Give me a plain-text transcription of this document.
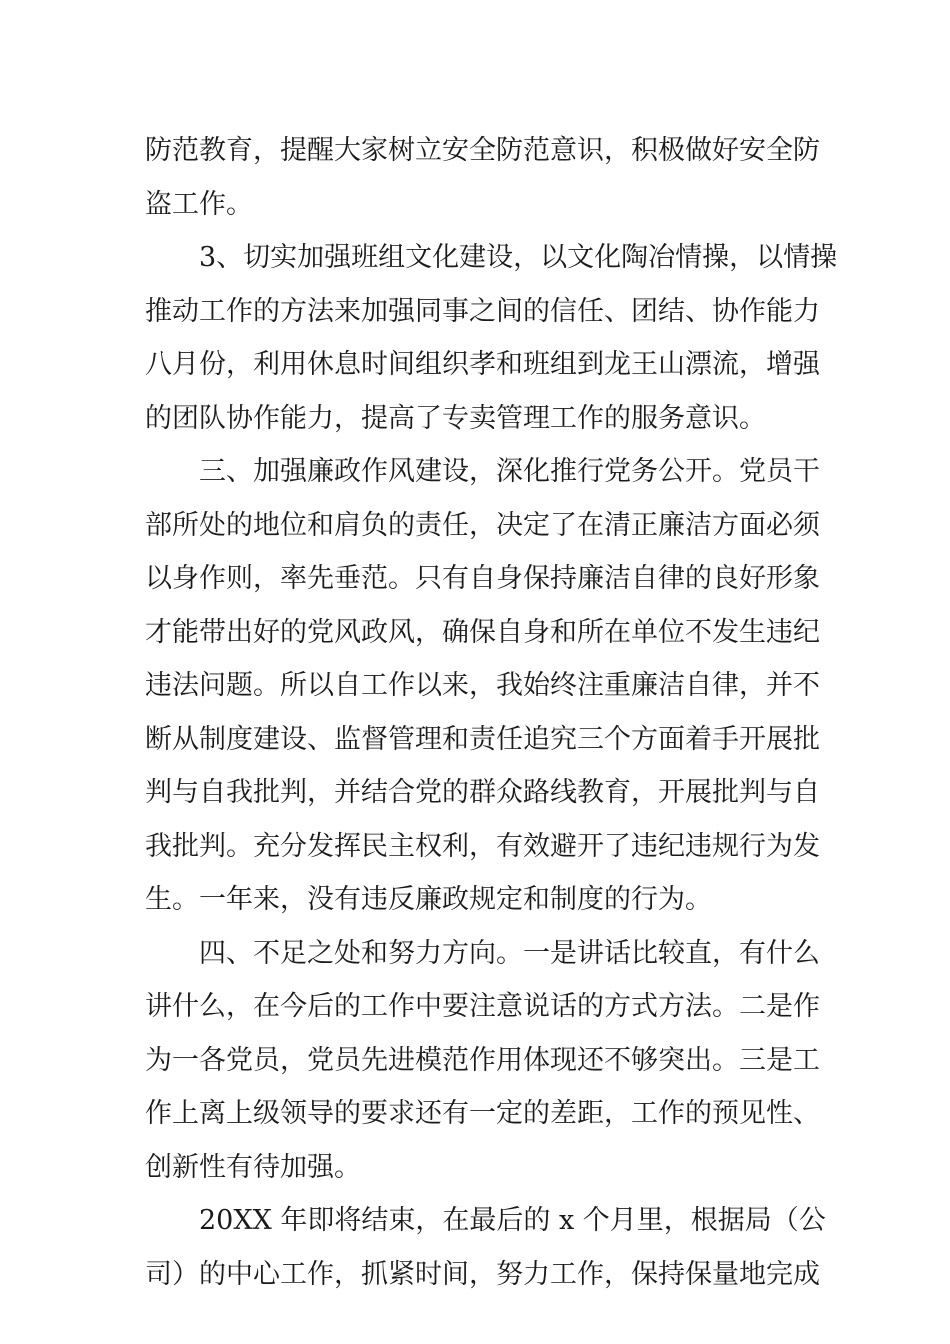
防范教育，提醒大家树立安全防范意识，积极做好安全防
盗工作。
3、切实加强班组文化建设，以文化陶冶情操，以情操
推动工作的方法来加强同事之间的信任、团结、协作能力
八月份，利用休息时间组织孝和班组到龙王山漂流，增强
的团队协作能力，提高了专卖管理工作的服务意识。
三、加强廉政作风建设，深化推行党务公开。党员干
部所处的地位和肩负的责任，决定了在清正廉洁方面必须
以身作则，率先垂范。只有自身保持廉洁自律的良好形象
才能带出好的党风政风，确保自身和所在单位不发生违纪
违法问题。所以自工作以来，我始终注重廉洁自律，并不
断从制度建设、监督管理和责任追究三个方面着手开展批
判与自我批判，并结合党的群众路线教育，开展批判与自
我批判。充分发挥民主权利，有效避开了违纪违规行为发
生。一年来，没有违反廉政规定和制度的行为。
四、不足之处和努力方向。一是讲话比较直，有什么
讲什么，在今后的工作中要注意说话的方式方法。二是作
为一各党员，党员先进模范作用体现还不够突出。三是工
作上离上级领导的要求还有一定的差距，工作的预见性、
创新性有待加强。
20XX 年即将结束，在最后的 x 个月里，根据局（公
司）的中心工作，抓紧时间，努力工作，保持保量地完成
